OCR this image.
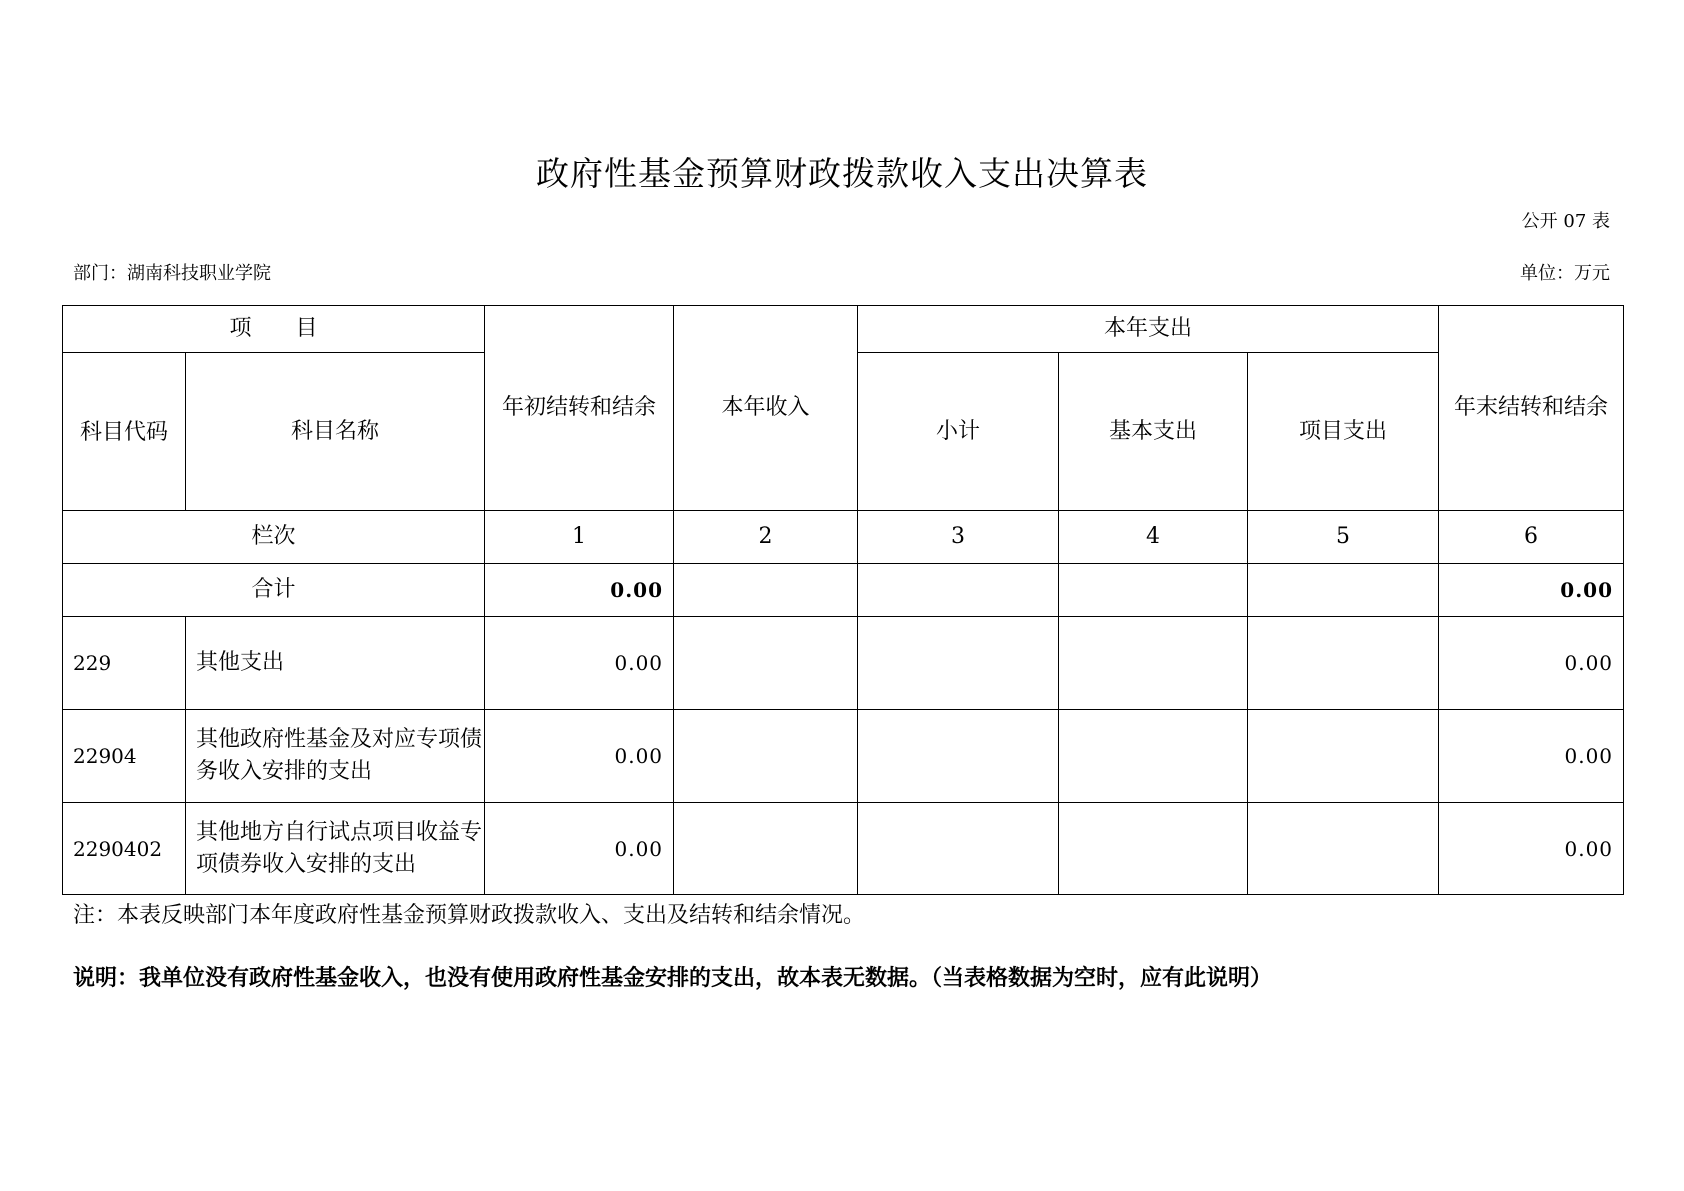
政府性基金预算财政拨款收入支出决算表
公开 07 表
部门：湖南科技职业学院	单位：万元
项　　目		年初结转和结余	本年收入	本年支出			年末结转和结余
科目代码	科目名称			小计	基本支出	项目支出	
栏次		1	2	3	4	5	6
合计		0.00					0.00
229	其他支出	0.00					0.00
22904	其他政府性基金及对应专项债务收入安排的支出	0.00					0.00
2290402	其他地方自行试点项目收益专项债券收入安排的支出	0.00					0.00
注：本表反映部门本年度政府性基金预算财政拨款收入、支出及结转和结余情况。
说明：我单位没有政府性基金收入，也没有使用政府性基金安排的支出，故本表无数据。（当表格数据为空时，应有此说明）
